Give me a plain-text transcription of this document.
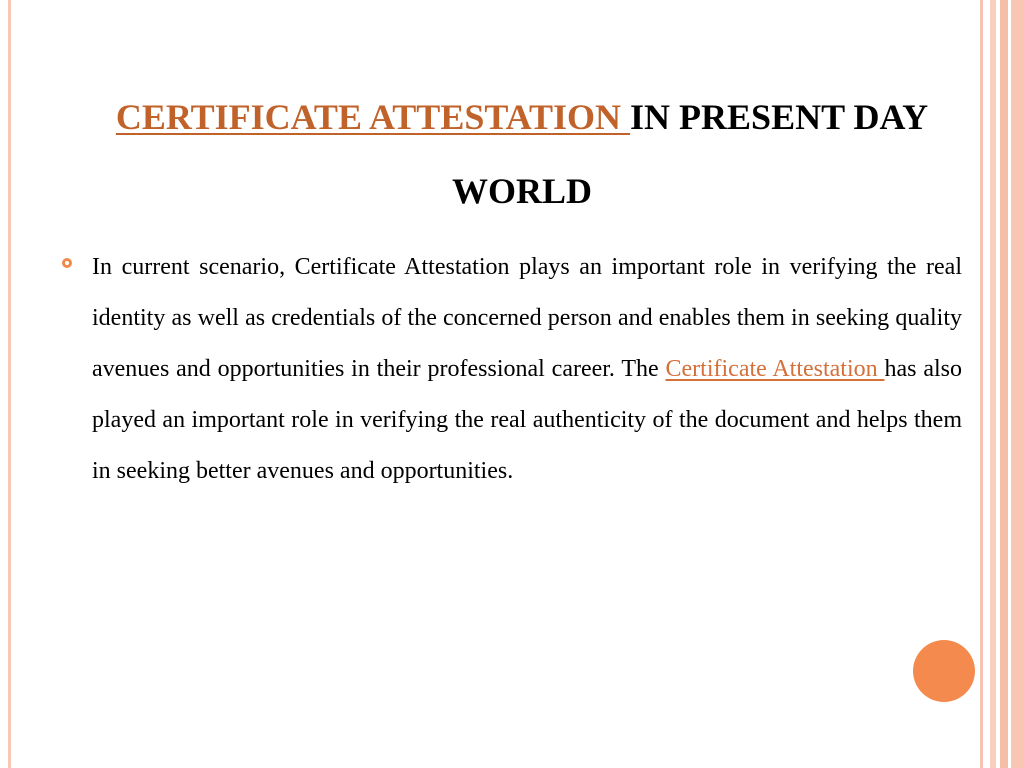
CERTIFICATE ATTESTATION IN PRESENT DAY WORLD

In current scenario, Certificate Attestation plays an important role in verifying the real identity as well as credentials of the concerned person and enables them in seeking quality avenues and opportunities in their professional career. The Certificate Attestation has also played an important role in verifying the real authenticity of the document and helps them in seeking better avenues and opportunities.
